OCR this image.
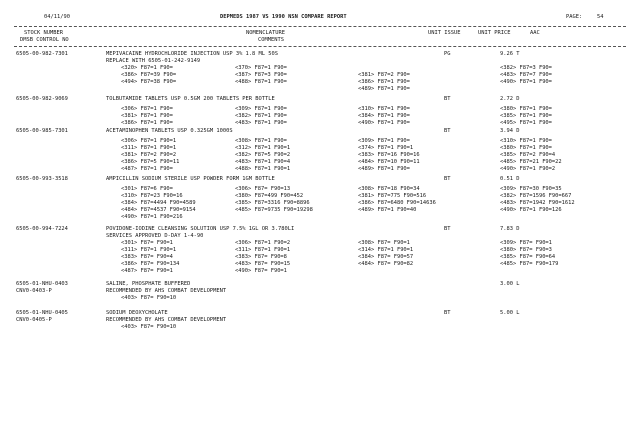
04/11/90	DEPMEDS 1987 VS 1990 NSN COMPARE REPORT	PAGE:	54
STOCK NUMBER
DMSB CONTROL NO
NOMENCLATURE
COMMENTS
UNIT ISSUE	UNIT PRICE	AAC
6505-00-982-7301	MEPIVACAINE HYDROCHLORIDE INJECTION USP 3% 1.8 ML 50S
REPLACE WITH 6505-01-242-9149
PG	9.26 T
<320> F87=1 F90=	<370> F87=1 F90=	<382> F87=3 F90=
<386> F87=39 F90=	<387> F87=3 F90=	<381> F87=2 F90=	<483> F87=7 F90=
<494> F87=38 F90=	<488> F87=1 F90=	<386> F87=1 F90=	<490> F87=1 F90=
<489> F87=1 F90=
6505-00-982-9069	TOLBUTAMIDE TABLETS USP 0.5GM 200 TABLETS PER BOTTLE	BT	2.72 D
<306> F87=1 F90=	<309> F87=1 F90=	<310> F87=1 F90=	<380> F87=1 F90=
<381> F87=1 F90=	<382> F87=1 F90=	<384> F87=1 F90=	<385> F87=1 F90=
<386> F87=1 F90=	<483> F87=1 F90=	<490> F87=1 F90=	<495> F87=1 F90=
6505-00-985-7301	ACETAMINOPHEN TABLETS USP 0.325GM 1000S	BT	3.94 D
<306> F87=1 F90=1	<308> F87=1 F90=	<309> F87=1 F90=	<310> F87=1 F90=
<311> F87=1 F90=1	<312> F87=1 F90=1	<374> F87=1 F90=1	<380> F87=1 F90=
<381> F87=2 F90=2	<382> F87=5 F90=2	<383> F87=16 F90=16	<385> F87=2 F90=4
<386> F87=5 F90=11	<483> F87=1 F90=4	<484> F87=10 F90=11	<485> F87=21 F90=22
<487> F87=1 F90=	<488> F87=1 F90=1	<489> F87=1 F90=	<490> F87=1 F90=2
6505-00-993-3518	AMPICILLIN SODIUM STERILE USP POWDER FORM 1GM BOTTLE	BT	0.51 D
<301> F87=6 F90=	<306> F87= F90=13	<308> F87=18 F90=34	<309> F87=30 F90=35
<310> F87=23 F90=16	<380> F87=499 F90=452	<381> F87=775 F90=516	<382> F87=1596 F90=667
<384> F87=4494 F90=4589	<385> F87=3316 F90=8896	<386> F87=6480 F90=14636	<483> F87=1942 F90=1612
<484> F87=4537 F90=9154	<485> F87=9735 F90=19298	<489> F87=1 F90=40	<490> F87=1 F90=126
<490> F87=1 F90=216
6505-00-994-7224	POVIDONE-IODINE CLEANSING SOLUTION USP 7.5% 1GL OR 3.780LI
SERVICES APPROVED D-DAY 1-4-90
BT	7.83 D
<301> F87= F90=1	<306> F87=1 F90=2	<308> F87= F90=1	<309> F87= F90=1
<311> F87=1 F90=1	<311> F87=1 F90=1	<314> F87=1 F90=1	<380> F87= F90=3
<383> F87= F90=4	<383> F87= F90=8	<384> F87= F90=57	<385> F87= F90=64
<386> F87= F90=134	<483> F87= F90=15	<484> F87= F90=82	<485> F87= F90=179
<487> F87= F90=1	<490> F87= F90=1
6505-01-NHU-0403
CNV0-0403-P
SALINE, PHOSPHATE BUFFERED
RECOMMENDED BY AHS COMBAT DEVELOPMENT
3.00 L
<403> F87= F90=10
6505-01-NHU-0405
CNV0-0405-P
SODIUM DEOXYCHOLATE
RECOMMENDED BY AHS COMBAT DEVELOPMENT
BT	5.00 L
<403> F87= F90=10
